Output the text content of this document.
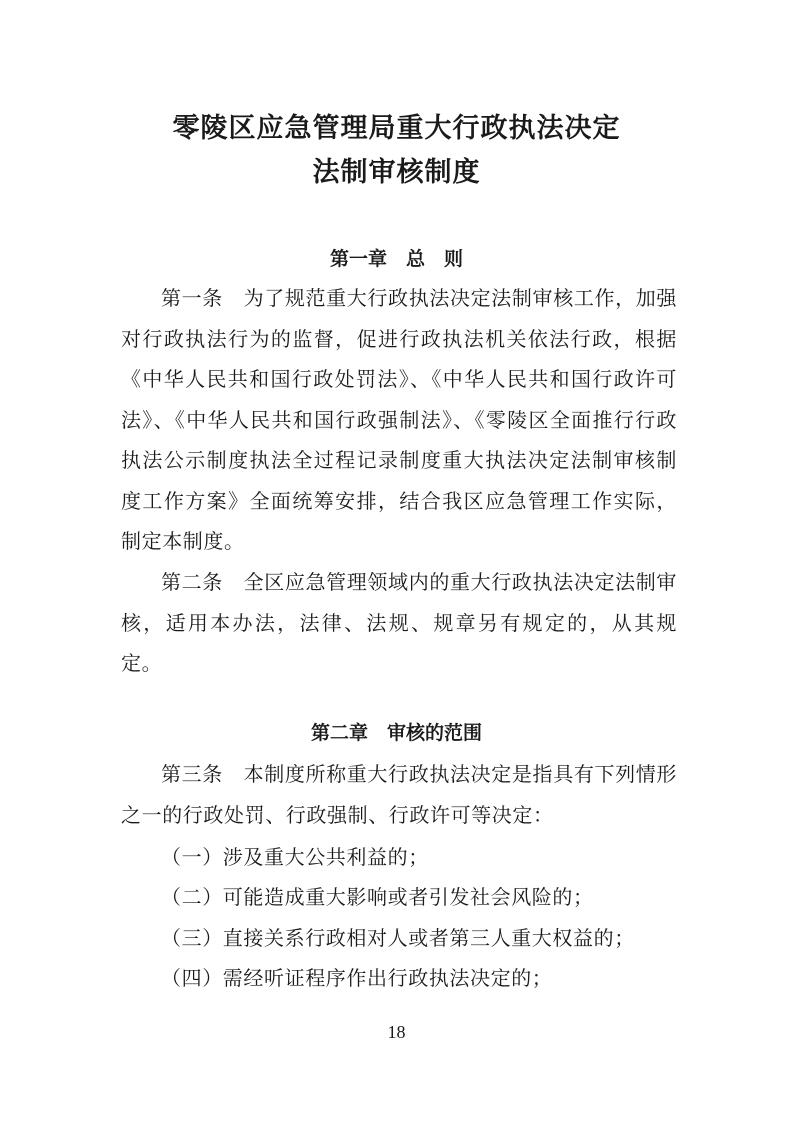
零陵区应急管理局重大行政执法决定
法制审核制度
第一章　总　则

第一条　为了规范重大行政执法决定法制审核工作，加强对行政执法行为的监督，促进行政执法机关依法行政，根据《中华人民共和国行政处罚法》、《中华人民共和国行政许可法》、《中华人民共和国行政强制法》、《零陵区全面推行行政执法公示制度执法全过程记录制度重大执法决定法制审核制度工作方案》全面统筹安排，结合我区应急管理工作实际，制定本制度。

第二条　全区应急管理领域内的重大行政执法决定法制审核，适用本办法，法律、法规、规章另有规定的，从其规定。

第二章　审核的范围

第三条　本制度所称重大行政执法决定是指具有下列情形之一的行政处罚、行政强制、行政许可等决定：

（一）涉及重大公共利益的；

（二）可能造成重大影响或者引发社会风险的；

（三）直接关系行政相对人或者第三人重大权益的；

（四）需经听证程序作出行政执法决定的；

18
